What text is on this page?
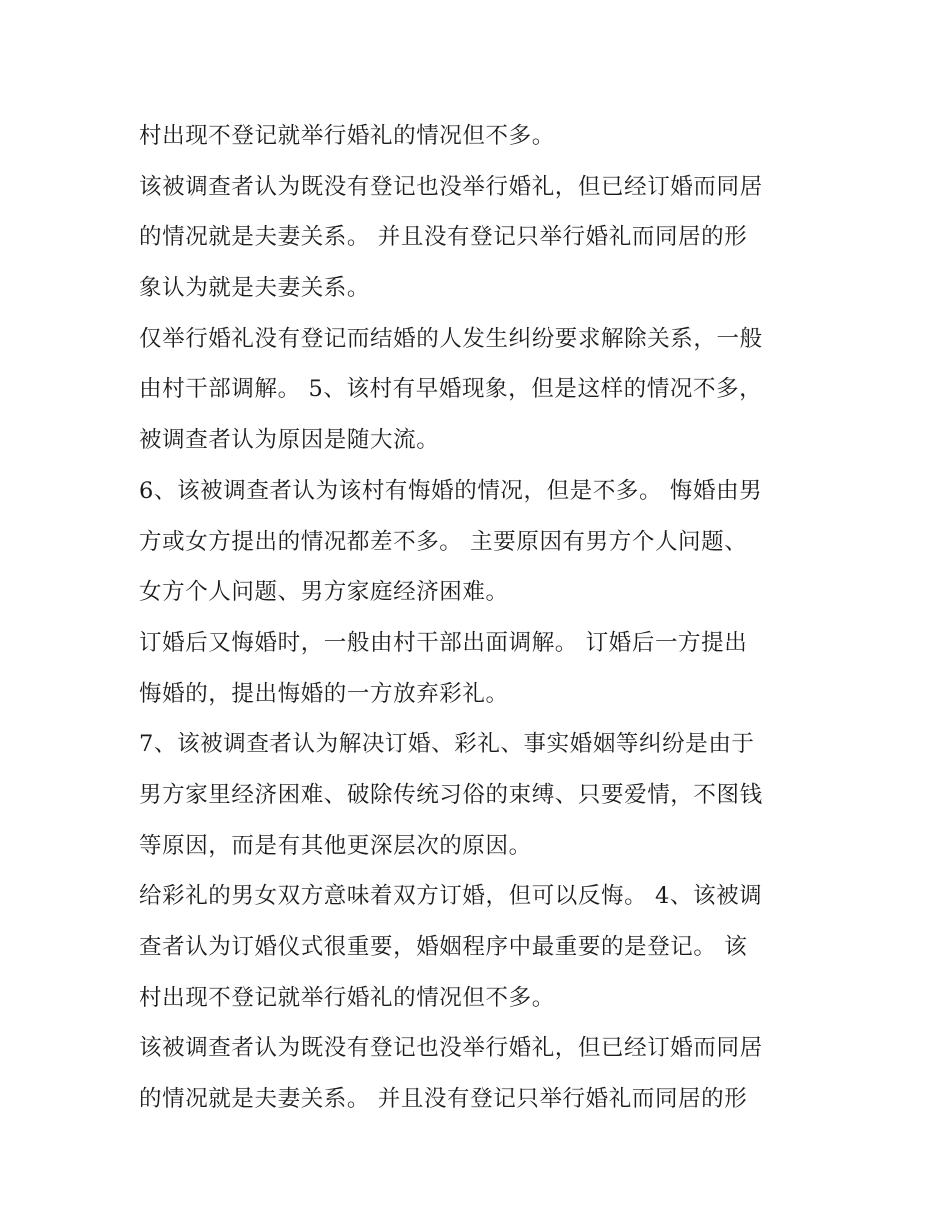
村出现不登记就举行婚礼的情况但不多。
该被调查者认为既没有登记也没举行婚礼，但已经订婚而同居
的情况就是夫妻关系。 并且没有登记只举行婚礼而同居的形
象认为就是夫妻关系。
仅举行婚礼没有登记而结婚的人发生纠纷要求解除关系，一般
由村干部调解。 5、该村有早婚现象，但是这样的情况不多，
被调查者认为原因是随大流。
6、该被调查者认为该村有悔婚的情况，但是不多。 悔婚由男
方或女方提出的情况都差不多。 主要原因有男方个人问题、
女方个人问题、男方家庭经济困难。
订婚后又悔婚时，一般由村干部出面调解。 订婚后一方提出
悔婚的，提出悔婚的一方放弃彩礼。
7、该被调查者认为解决订婚、彩礼、事实婚姻等纠纷是由于
男方家里经济困难、破除传统习俗的束缚、只要爱情，不图钱
等原因，而是有其他更深层次的原因。
给彩礼的男女双方意味着双方订婚，但可以反悔。 4、该被调
查者认为订婚仪式很重要，婚姻程序中最重要的是登记。 该
村出现不登记就举行婚礼的情况但不多。
该被调查者认为既没有登记也没举行婚礼，但已经订婚而同居
的情况就是夫妻关系。 并且没有登记只举行婚礼而同居的形
